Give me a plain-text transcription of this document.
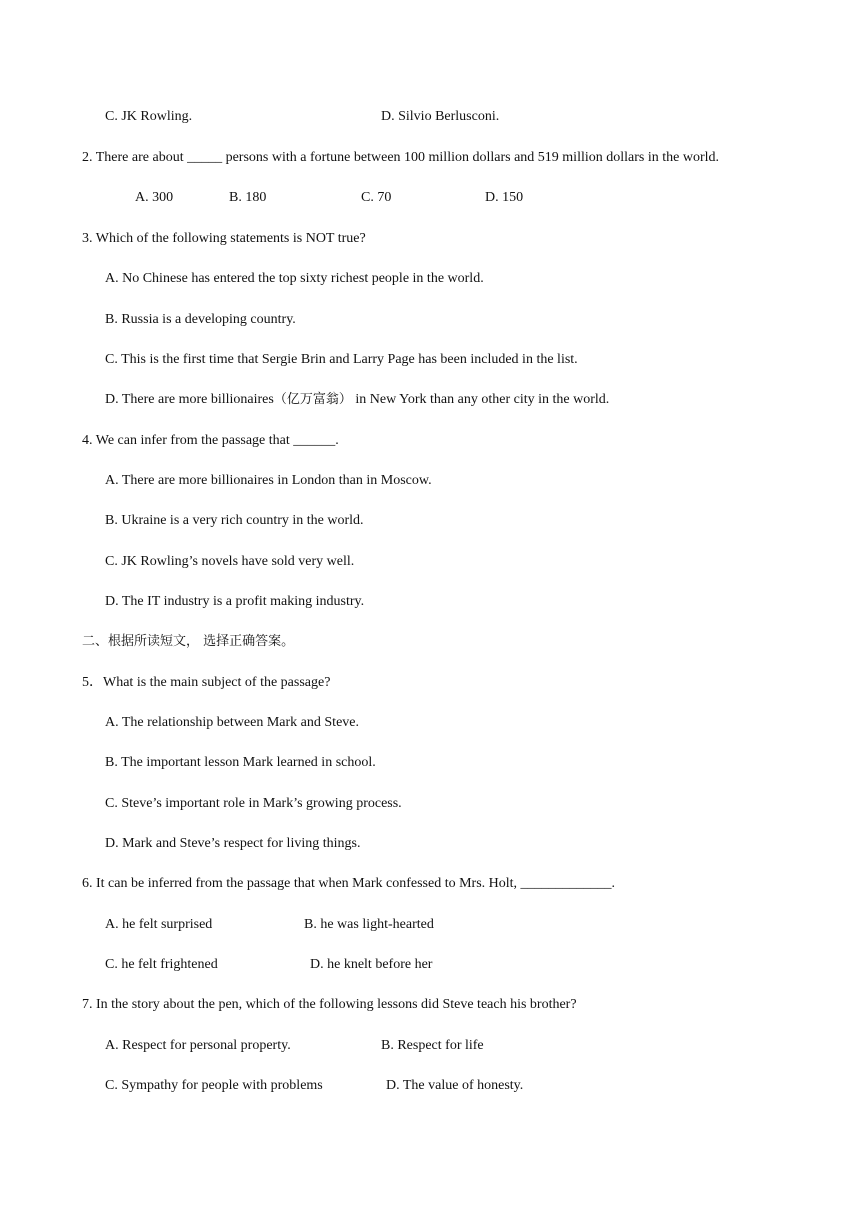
C. JK Rowling.	D. Silvio Berlusconi.
2. There are about _____ persons with a fortune between 100 million dollars and 519 million dollars in the world.
A. 300	B. 180	C. 70	D. 150
3. Which of the following statements is NOT true?
A. No Chinese has entered the top sixty richest people in the world.
B. Russia is a developing country.
C. This is the first time that Sergie Brin and Larry Page has been included in the list.
D. There are more billionaires（亿万富翁） in New York than any other city in the world.
4. We can infer from the passage that ______.
A. There are more billionaires in London than in Moscow.
B. Ukraine is a very rich country in the world.
C. JK Rowling’s novels have sold very well.
D. The IT industry is a profit making industry.
二、根据所读短文， 选择正确答案。
5．What is the main subject of the passage?
A. The relationship between Mark and Steve.
B. The important lesson Mark learned in school.
C. Steve’s important role in Mark’s growing process.
D. Mark and Steve’s respect for living things.
6. It can be inferred from the passage that when Mark confessed to Mrs. Holt, _____________.
A. he felt surprised	B. he was light-hearted
C. he felt frightened	D. he knelt before her
7. In the story about the pen, which of the following lessons did Steve teach his brother?
A. Respect for personal property.	B. Respect for life
C. Sympathy for people with problems	D. The value of honesty.
